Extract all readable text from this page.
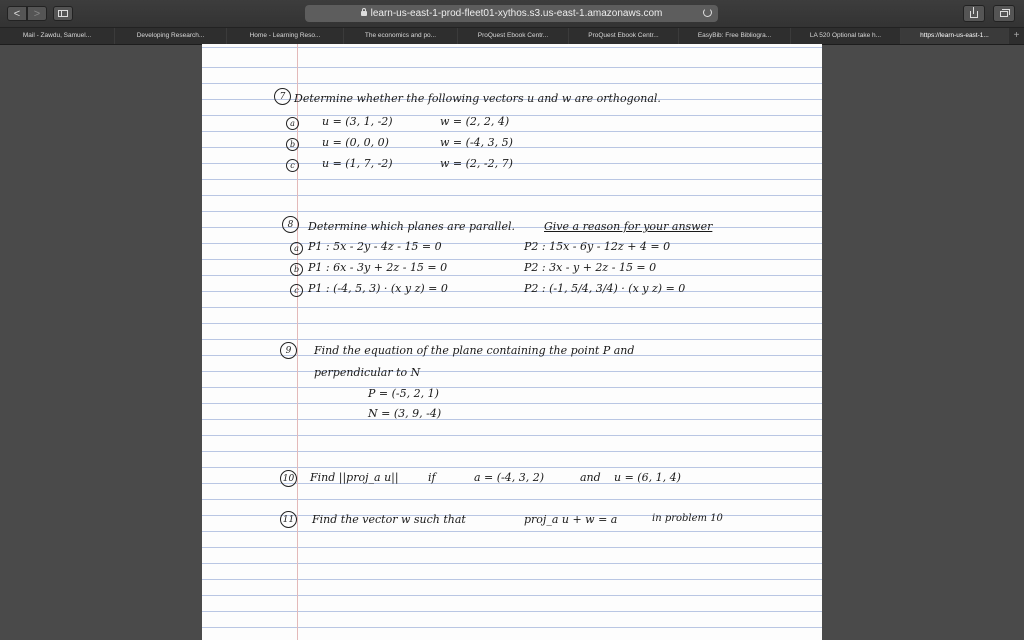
<	>	learn-us-east-1-prod-fleet01-xythos.s3.us-east-1.amazonaws.com
Mail - Zawdu, Samuel...	Developing Research...	Home - Learning Reso...	The economics and po...	ProQuest Ebook Centr...	ProQuest Ebook Centr...	EasyBib: Free Bibliogra...	LA 520 Optional take h...	https://learn-us-east-1...	+
7 Determine whether the following vectors u and w are orthogonal.
a	u = (3, 1, -2)	w = (2, 2, 4)
b	u = (0, 0, 0)	w = (-4, 3, 5)
c	u = (1, 7, -2)	w = (2, -2, 7)
8	Determine which planes are parallel.	Give a reason for your answer
a P1 : 5x - 2y - 4z - 15 = 0	P2 : 15x - 6y - 12z + 4 = 0
b P1 : 6x - 3y + 2z - 15 = 0	P2 : 3x - y + 2z - 15 = 0
c P1 : (-4, 5, 3) · (x y z) = 0	P2 : (-1, 5/4, 3/4) · (x y z) = 0
9	Find the equation of the plane containing the point P and
perpendicular to N
P = (-5, 2, 1)
N = (3, 9, -4)
10 Find ||proj_a u||	if	a = (-4, 3, 2)	and u = (6, 1, 4)
11 Find the vector w such that	proj_a u + w = a	in problem 10
